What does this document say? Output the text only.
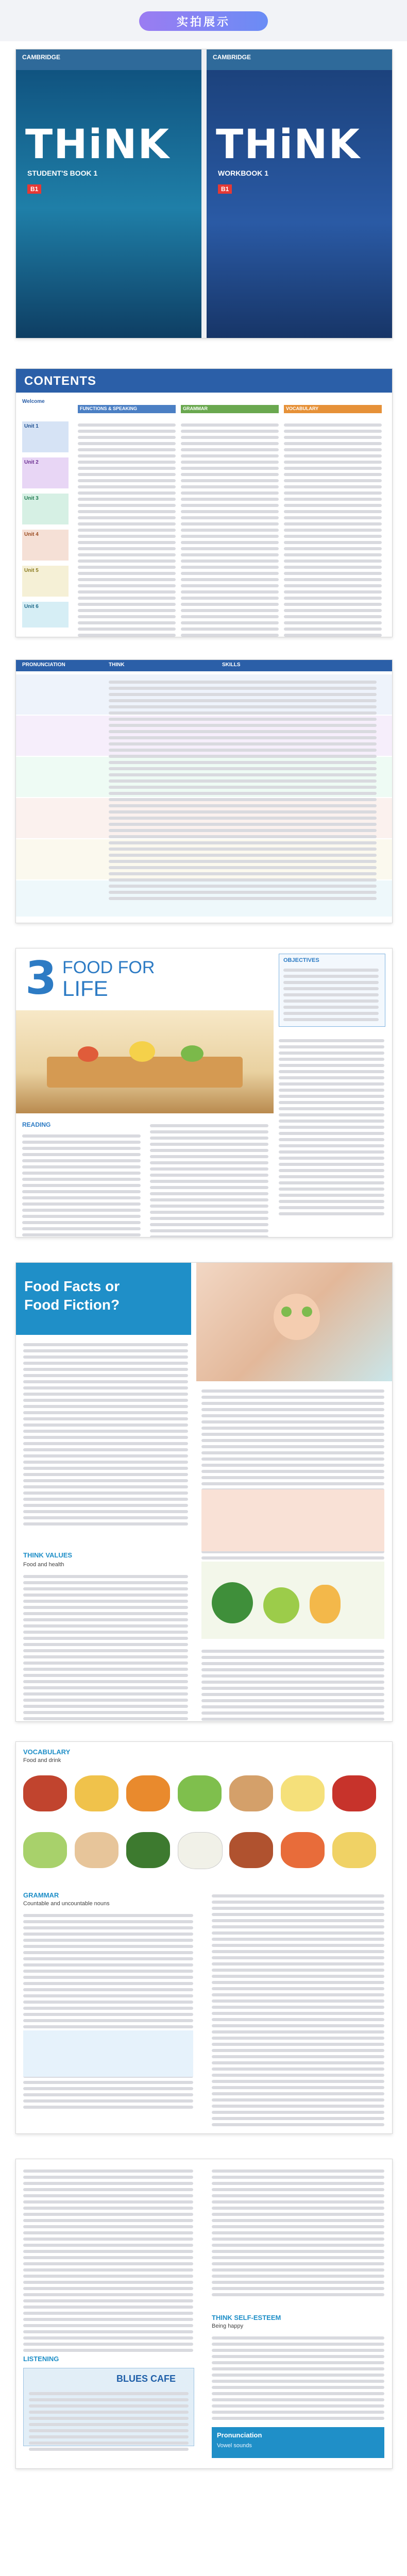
实拍展示
CAMBRIDGE
THiNK
STUDENT'S BOOK 1
B1
CAMBRIDGE
THiNK
WORKBOOK 1
B1
CONTENTS
FUNCTIONS & SPEAKING	GRAMMAR	VOCABULARY
Welcome
Unit 1
Unit 2
Unit 3
Unit 4
Unit 5
Unit 6
PRONUNCIATION	THINK	SKILLS
3 FOOD FOR
LIFE
OBJECTIVES
READING
Food Facts or
Food Fiction?
THINK VALUES
Food and health
VOCABULARY
Food and drink
GRAMMAR
Countable and uncountable nouns
LISTENING
BLUES CAFE
THINK SELF-ESTEEM
Being happy
Pronunciation
Vowel sounds
